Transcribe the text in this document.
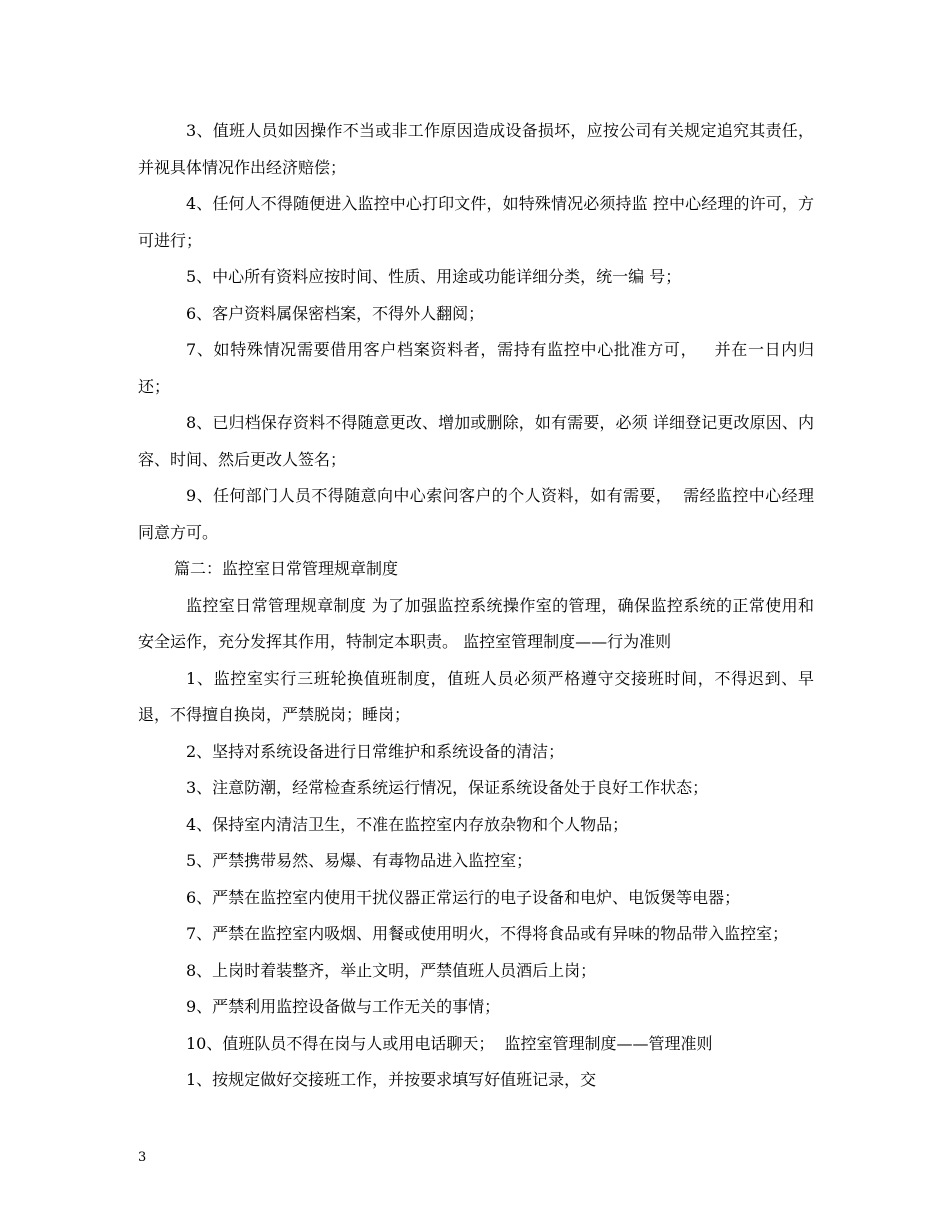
3、值班人员如因操作不当或非工作原因造成设备损坏，应按公司有关规定追究其责任，并视具体情况作出经济赔偿；

4、任何人不得随便进入监控中心打印文件，如特殊情况必须持监 控中心经理的许可，方可进行；

5、中心所有资料应按时间、性质、用途或功能详细分类，统一编 号；

6、客户资料属保密档案，不得外人翻阅；

7、如特殊情况需要借用客户档案资料者，需持有监控中心批准方可，   并在一日内归还；

8、已归档保存资料不得随意更改、增加或删除，如有需要，必须 详细登记更改原因、内容、时间、然后更改人签名；

9、任何部门人员不得随意向中心索问客户的个人资料，如有需要，  需经监控中心经理同意方可。

篇二：监控室日常管理规章制度

监控室日常管理规章制度 为了加强监控系统操作室的管理，确保监控系统的正常使用和安全运作，充分发挥其作用，特制定本职责。 监控室管理制度——行为准则

1、监控室实行三班轮换值班制度，值班人员必须严格遵守交接班时间，不得迟到、早退，不得擅自换岗，严禁脱岗；睡岗；

2、坚持对系统设备进行日常维护和系统设备的清洁；

3、注意防潮，经常检查系统运行情况，保证系统设备处于良好工作状态；

4、保持室内清洁卫生，不准在监控室内存放杂物和个人物品；

5、严禁携带易然、易爆、有毒物品进入监控室；

6、严禁在监控室内使用干扰仪器正常运行的电子设备和电炉、电饭煲等电器；

7、严禁在监控室内吸烟、用餐或使用明火，不得将食品或有异味的物品带入监控室；

8、上岗时着装整齐，举止文明，严禁值班人员酒后上岗；

9、严禁利用监控设备做与工作无关的事情；

10、值班队员不得在岗与人或用电话聊天；  监控室管理制度——管理准则

1、按规定做好交接班工作，并按要求填写好值班记录，交

3
